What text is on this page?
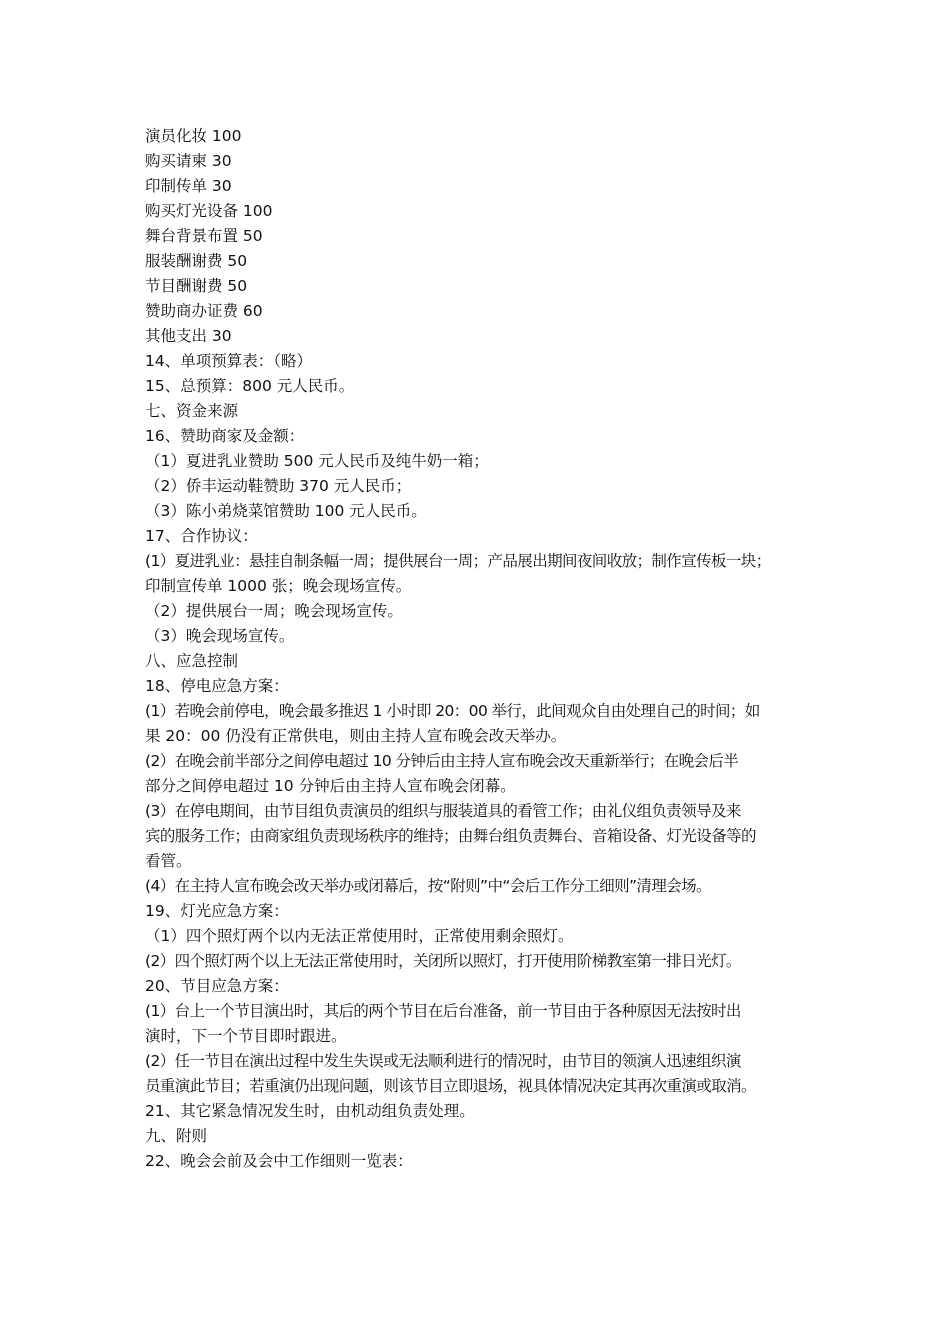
演员化妆 100
购买请柬 30
印制传单 30
购买灯光设备 100
舞台背景布置 50
服装酬谢费 50
节目酬谢费 50
赞助商办证费 60
其他支出 30
14、单项预算表：（略）
15、总预算：800 元人民币。
七、资金来源
16、赞助商家及金额：
（1）夏进乳业赞助 500 元人民币及纯牛奶一箱；
（2）侨丰运动鞋赞助 370 元人民币；
（3）陈小弟烧菜馆赞助 100 元人民币。
17、合作协议：
(1）夏进乳业：悬挂自制条幅一周；提供展台一周；产品展出期间夜间收放；制作宣传板一块；
印制宣传单 1000 张；晚会现场宣传。
（2）提供展台一周；晚会现场宣传。
（3）晚会现场宣传。
八、应急控制
18、停电应急方案：
(1）若晚会前停电，晚会最多推迟 1 小时即 20：00 举行，此间观众自由处理自己的时间；如
果 20：00 仍没有正常供电，则由主持人宣布晚会改天举办。
(2）在晚会前半部分之间停电超过 10 分钟后由主持人宣布晚会改天重新举行；在晚会后半
部分之间停电超过 10 分钟后由主持人宣布晚会闭幕。
(3）在停电期间，由节目组负责演员的组织与服装道具的看管工作；由礼仪组负责领导及来
宾的服务工作；由商家组负责现场秩序的维持；由舞台组负责舞台、音箱设备、灯光设备等的
看管。
(4）在主持人宣布晚会改天举办或闭幕后，按“附则”中“会后工作分工细则”清理会场。
19、灯光应急方案：
（1）四个照灯两个以内无法正常使用时，正常使用剩余照灯。
(2）四个照灯两个以上无法正常使用时，关闭所以照灯，打开使用阶梯教室第一排日光灯。
20、节目应急方案：
(1）台上一个节目演出时，其后的两个节目在后台准备，前一节目由于各种原因无法按时出
演时，下一个节目即时跟进。
(2）任一节目在演出过程中发生失误或无法顺利进行的情况时，由节目的领演人迅速组织演
员重演此节目；若重演仍出现问题，则该节目立即退场，视具体情况决定其再次重演或取消。
21、其它紧急情况发生时，由机动组负责处理。
九、附则
22、晚会会前及会中工作细则一览表：
